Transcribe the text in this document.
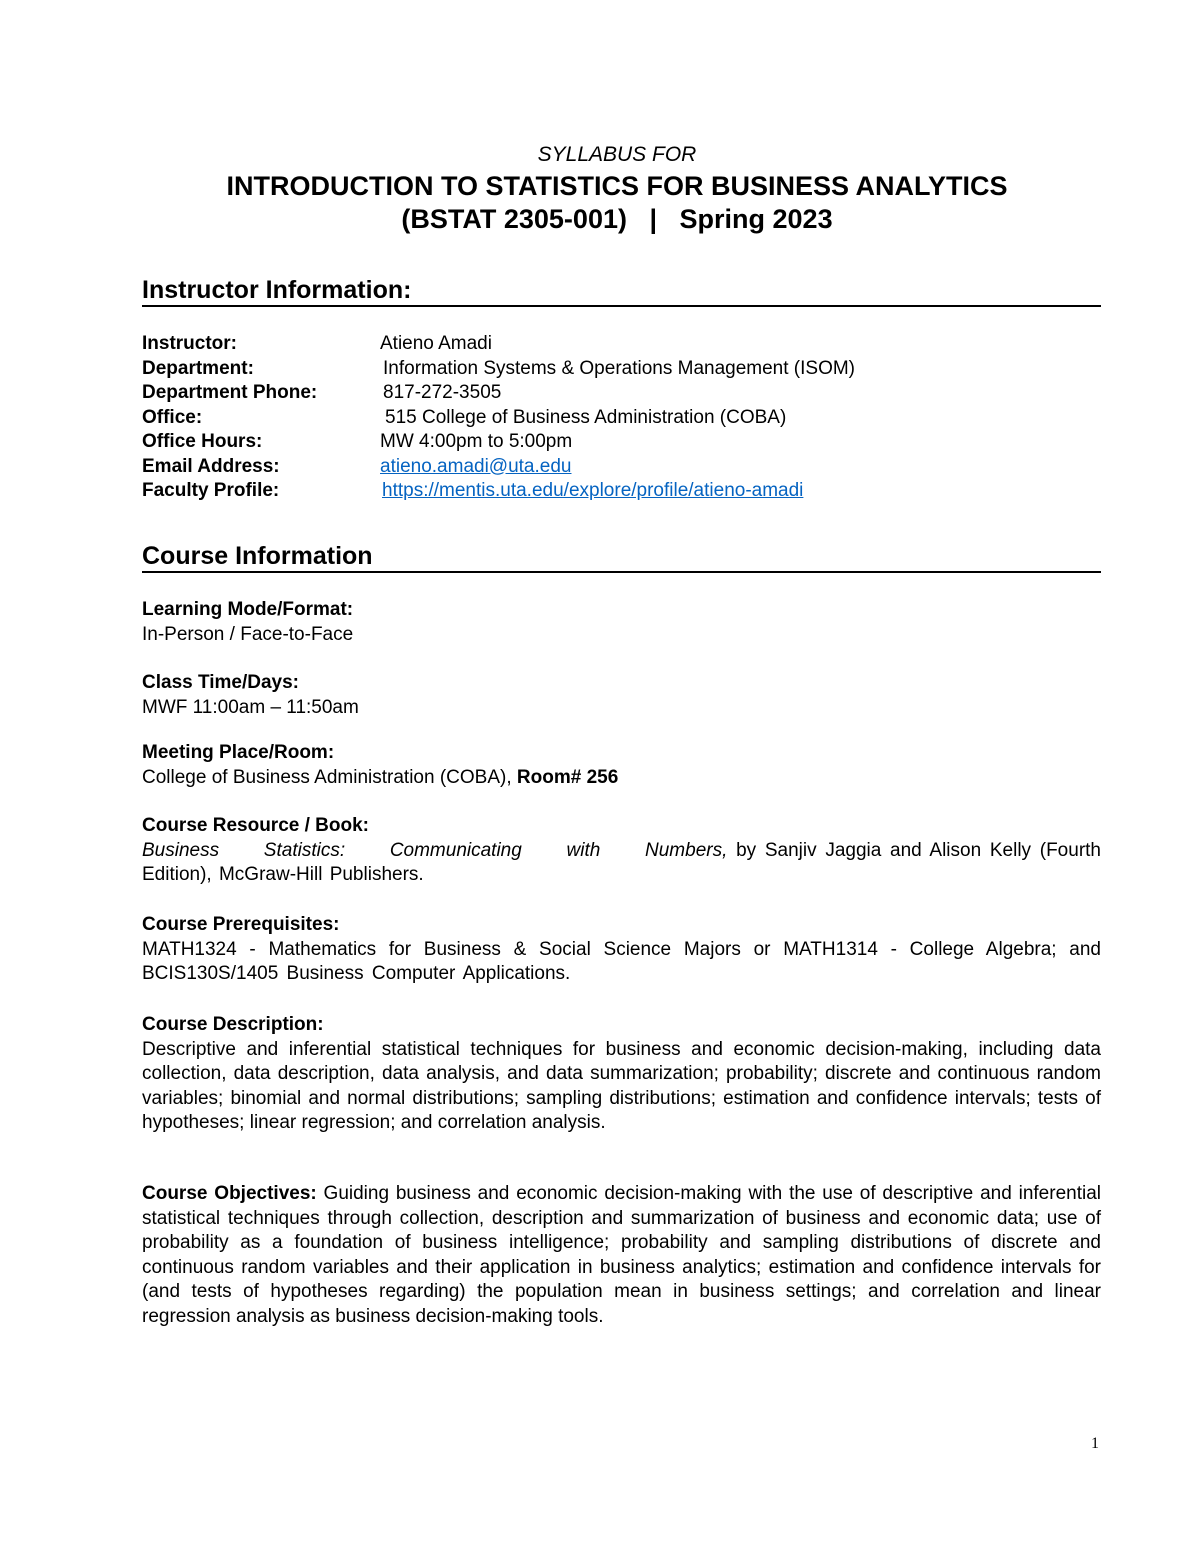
SYLLABUS FOR
INTRODUCTION TO STATISTICS FOR BUSINESS ANALYTICS
(BSTAT 2305-001)   |   Spring 2023
Instructor Information:
Instructor:	Atieno Amadi
Department:	Information Systems & Operations Management (ISOM)
Department Phone:	817-272-3505
Office:	515 College of Business Administration (COBA)
Office Hours:	MW 4:00pm to 5:00pm
Email Address:	atieno.amadi@uta.edu
Faculty Profile:	https://mentis.uta.edu/explore/profile/atieno-amadi
Course Information
Learning Mode/Format:
In-Person / Face-to-Face
Class Time/Days:
MWF 11:00am – 11:50am
Meeting Place/Room:
College of Business Administration (COBA), Room# 256
Course Resource / Book:
Business Statistics: Communicating with Numbers, by Sanjiv Jaggia and Alison Kelly (Fourth Edition), McGraw-Hill Publishers.
Course Prerequisites:
MATH1324 - Mathematics for Business & Social Science Majors or MATH1314 - College Algebra; and BCIS130S/1405 Business Computer Applications.
Course Description:
Descriptive and inferential statistical techniques for business and economic decision-making, including data collection, data description, data analysis, and data summarization; probability; discrete and continuous random variables; binomial and normal distributions; sampling distributions; estimation and confidence intervals; tests of hypotheses; linear regression; and correlation analysis.
Course Objectives: Guiding business and economic decision-making with the use of descriptive and inferential statistical techniques through collection, description and summarization of business and economic data; use of probability as a foundation of business intelligence; probability and sampling distributions of discrete and continuous random variables and their application in business analytics; estimation and confidence intervals for (and tests of hypotheses regarding) the population mean in business settings; and correlation and linear regression analysis as business decision-making tools.
1
